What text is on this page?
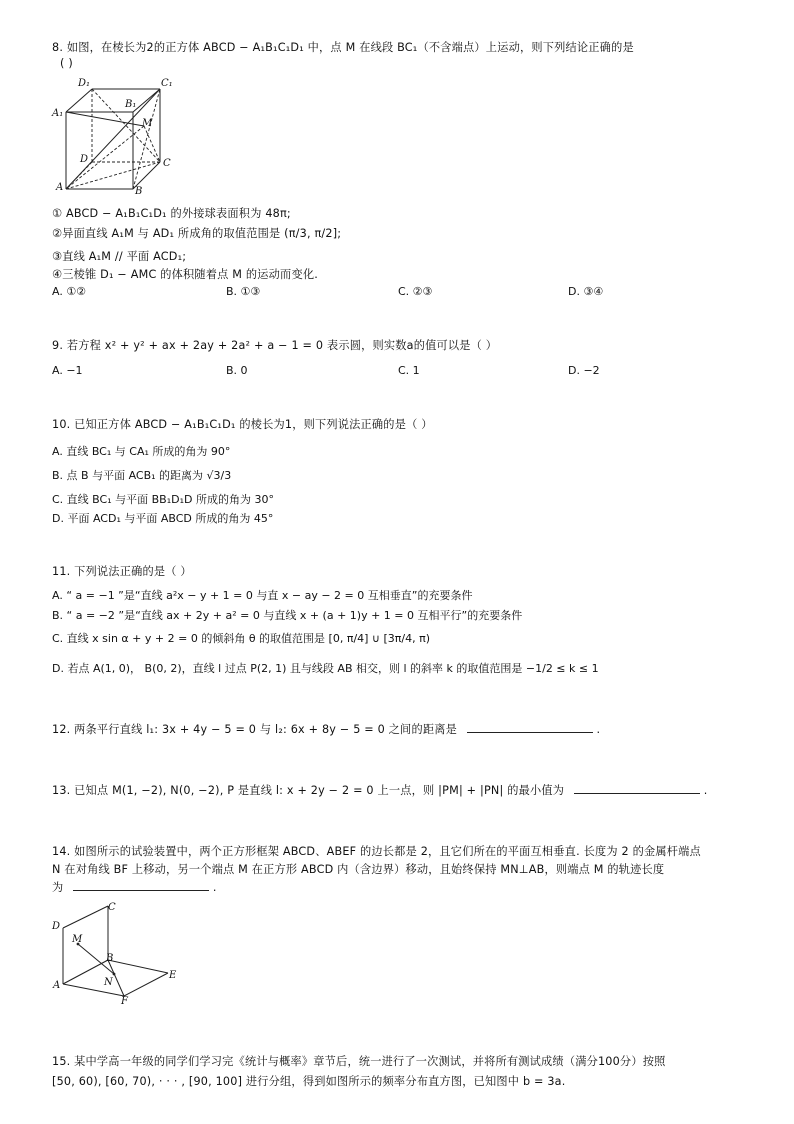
8. 如图，在棱长为2的正方体 ABCD − A₁B₁C₁D₁ 中，点 M 在线段 BC₁（不含端点）上运动，则下列结论正确的是
( )
D₁	C₁
A₁
B₁
M
D	C
A	B
① ABCD − A₁B₁C₁D₁ 的外接球表面积为 48π;
②异面直线 A₁M 与 AD₁ 所成角的取值范围是 (π/3, π/2];
③直线 A₁M // 平面 ACD₁;
④三棱锥 D₁ − AMC 的体积随着点 M 的运动而变化.
A. ①②	B. ①③	C. ②③	D. ③④
9. 若方程 x² + y² + ax + 2ay + 2a² + a − 1 = 0 表示圆，则实数a的值可以是（ ）
A. −1	B. 0	C. 1	D. −2
10. 已知正方体 ABCD − A₁B₁C₁D₁ 的棱长为1，则下列说法正确的是（ ）
A. 直线 BC₁ 与 CA₁ 所成的角为 90°
B. 点 B 与平面 ACB₁ 的距离为 √3/3
C. 直线 BC₁ 与平面 BB₁D₁D 所成的角为 30°
D. 平面 ACD₁ 与平面 ABCD 所成的角为 45°
11. 下列说法正确的是（ ）
A. “ a = −1 ”是“直线 a²x − y + 1 = 0 与直 x − ay − 2 = 0 互相垂直”的充要条件
B. “ a = −2 ”是“直线 ax + 2y + a² = 0 与直线 x + (a + 1)y + 1 = 0 互相平行”的充要条件
C. 直线 x sin α + y + 2 = 0 的倾斜角 θ 的取值范围是 [0, π/4] ∪ [3π/4, π)
D. 若点 A(1, 0)， B(0, 2)，直线 l 过点 P(2, 1) 且与线段 AB 相交，则 l 的斜率 k 的取值范围是 −1/2 ≤ k ≤ 1
12. 两条平行直线 l₁: 3x + 4y − 5 = 0 与 l₂: 6x + 8y − 5 = 0 之间的距离是	.
13. 已知点 M(1, −2), N(0, −2), P 是直线 l: x + 2y − 2 = 0 上一点，则 |PM| + |PN| 的最小值为	.
14. 如图所示的试验装置中，两个正方形框架 ABCD、ABEF 的边长都是 2，且它们所在的平面互相垂直. 长度为 2 的金属杆端点
N 在对角线 BF 上移动，另一个端点 M 在正方形 ABCD 内（含边界）移动，且始终保持 MN⊥AB，则端点 M 的轨迹长度
为	.
D
C
M
B
E
A	N
F
15. 某中学高一年级的同学们学习完《统计与概率》章节后，统一进行了一次测试，并将所有测试成绩（满分100分）按照
[50, 60), [60, 70), · · · , [90, 100] 进行分组，得到如图所示的频率分布直方图，已知图中 b = 3a.
